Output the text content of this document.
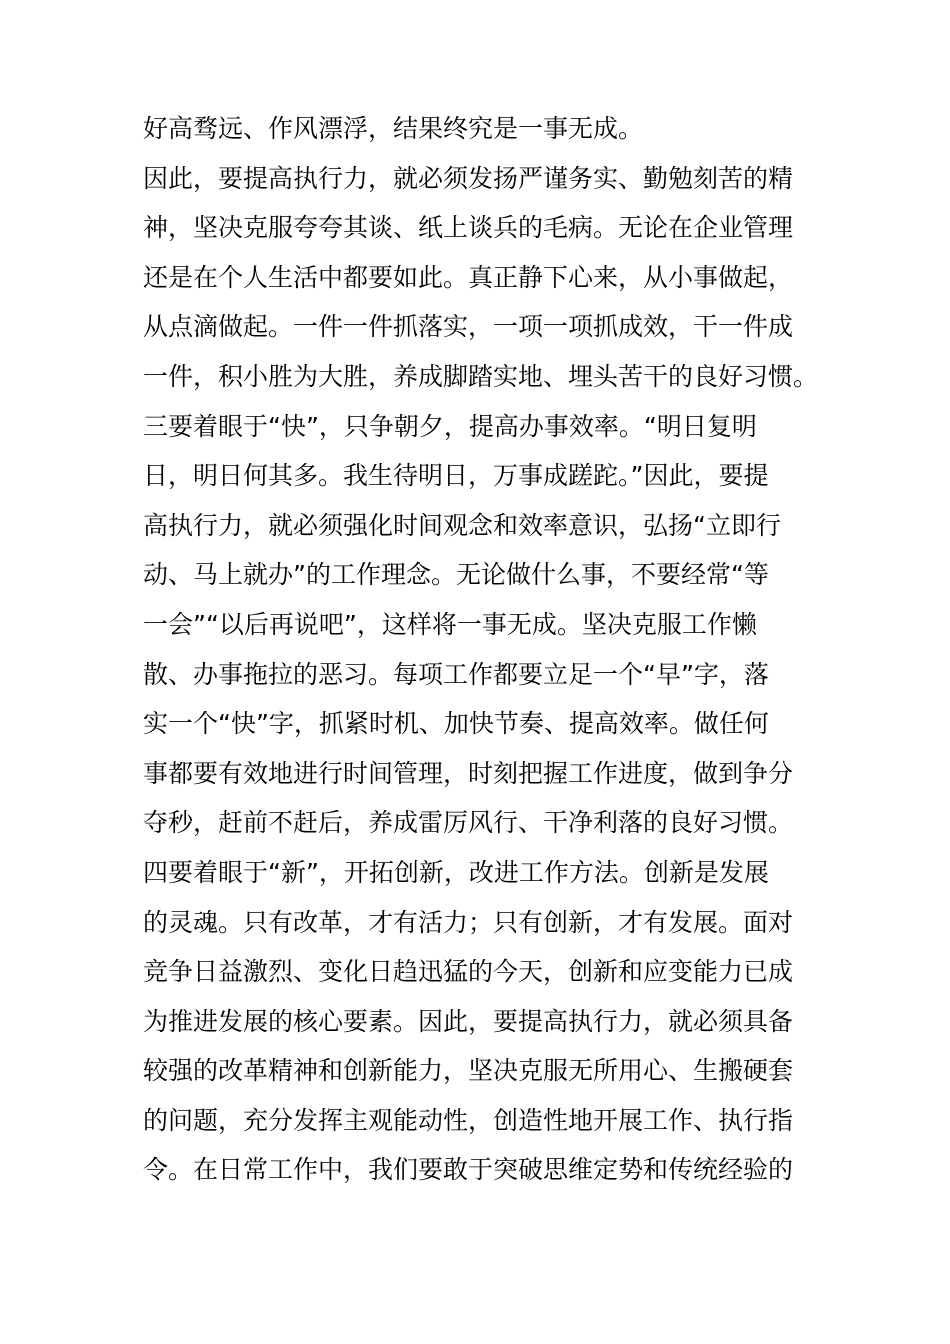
好高骛远、作风漂浮，结果终究是一事无成。
因此，要提高执行力，就必须发扬严谨务实、勤勉刻苦的精
神，坚决克服夸夸其谈、纸上谈兵的毛病。无论在企业管理
还是在个人生活中都要如此。真正静下心来，从小事做起，
从点滴做起。一件一件抓落实，一项一项抓成效，干一件成
一件，积小胜为大胜，养成脚踏实地、埋头苦干的良好习惯。
三要着眼于“快”，只争朝夕，提高办事效率。“明日复明
日，明日何其多。我生待明日，万事成蹉跎。”因此，要提
高执行力，就必须强化时间观念和效率意识，弘扬“立即行
动、马上就办”的工作理念。无论做什么事，不要经常“等
一会”“以后再说吧”，这样将一事无成。坚决克服工作懒
散、办事拖拉的恶习。每项工作都要立足一个“早”字，落
实一个“快”字，抓紧时机、加快节奏、提高效率。做任何
事都要有效地进行时间管理，时刻把握工作进度，做到争分
夺秒，赶前不赶后，养成雷厉风行、干净利落的良好习惯。
四要着眼于“新”，开拓创新，改进工作方法。创新是发展
的灵魂。只有改革，才有活力；只有创新，才有发展。面对
竞争日益激烈、变化日趋迅猛的今天，创新和应变能力已成
为推进发展的核心要素。因此，要提高执行力，就必须具备
较强的改革精神和创新能力，坚决克服无所用心、生搬硬套
的问题，充分发挥主观能动性，创造性地开展工作、执行指
令。在日常工作中，我们要敢于突破思维定势和传统经验的
